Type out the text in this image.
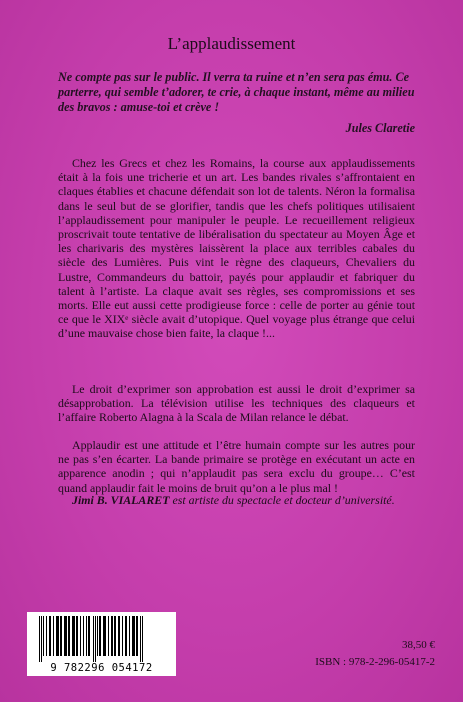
L’applaudissement
Ne compte pas sur le public. Il verra ta ruine et n’en sera pas ému. Ce parterre, qui semble t’adorer, te crie, à chaque instant, même au milieu des bravos : amuse-toi et crève !
Jules Claretie
Chez les Grecs et chez les Romains, la course aux applaudissements était à la fois une tricherie et un art. Les bandes rivales s’affrontaient en claques établies et chacune défendait son lot de talents. Néron la formalisa dans le seul but de se glorifier, tandis que les chefs politiques utilisaient l’applaudissement pour manipuler le peuple. Le recueillement religieux proscrivait toute tentative de libéralisation du spectateur au Moyen Âge et les charivaris des mystères laissèrent la place aux terribles cabales du siècle des Lumières. Puis vint le règne des claqueurs, Chevaliers du Lustre, Commandeurs du battoir, payés pour applaudir et fabriquer du talent à l’artiste. La claque avait ses règles, ses compromissions et ses morts. Elle eut aussi cette prodigieuse force : celle de porter au génie tout ce que le XIXᵉ siècle avait d’utopique. Quel voyage plus étrange que celui d’une mauvaise chose bien faite, la claque !...
Le droit d’exprimer son approbation est aussi le droit d’exprimer sa désapprobation. La télévision utilise les techniques des claqueurs et l’affaire Roberto Alagna à la Scala de Milan relance le débat.
Applaudir est une attitude et l’être humain compte sur les autres pour ne pas s’en écarter. La bande primaire se protège en exécutant un acte en apparence anodin ; qui n’applaudit pas sera exclu du groupe… C’est quand applaudir fait le moins de bruit qu’on a le plus mal !
Jimi B. VIALARET est artiste du spectacle et docteur d’université.
9 782296 054172
38,50 €
ISBN : 978-2-296-05417-2
